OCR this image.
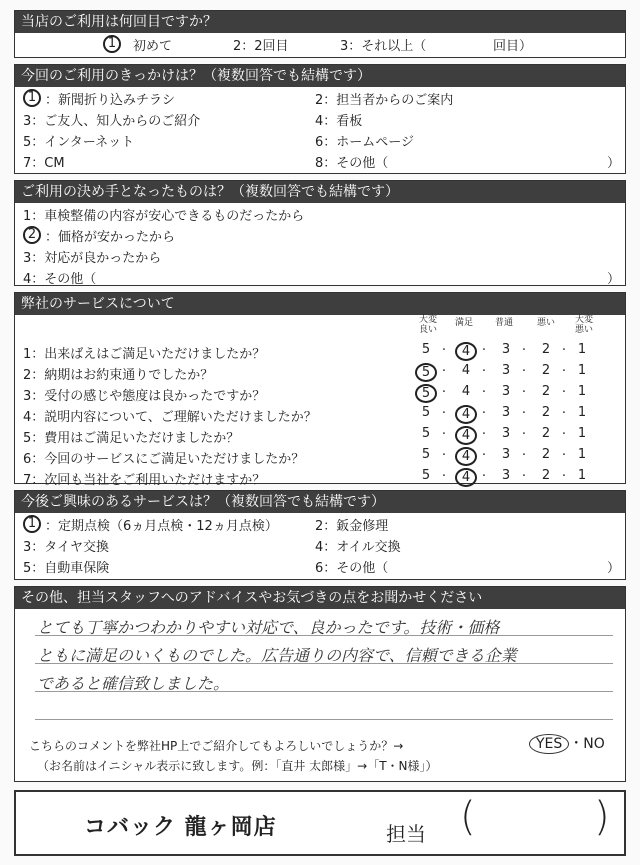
当店のご利用は何回目ですか？
1	初めて	2：2回目	3：それ以上（	回目）
今回のご利用のきっかけは？（複数回答でも結構です）
1 ：新聞折り込みチラシ	2：担当者からのご案内
3：ご友人、知人からのご紹介	4：看板
5：インターネット	6：ホームページ
7：CM	8：その他（	）
ご利用の決め手となったものは？（複数回答でも結構です）
1：車検整備の内容が安心できるものだったから
2 ：価格が安かったから
3：対応が良かったから
4：その他（	）
弊社のサービスについて
大変良い
満足 普通	悪い	大変悪い
1：出来ばえはご満足いただけましたか？	5 ·	4 ·	3 ·	2 · 1
2：納期はお約束通りでしたか？	5 ·	4 ·	3 ·	2 · 1
3：受付の感じや態度は良かったですか？	5 ·	4 ·	3 ·	2 · 1
4：説明内容について、ご理解いただけましたか？	5 ·	4 ·	3 ·	2 · 1
5：費用はご満足いただけましたか？	5 ·	4 ·	3 ·	2 · 1
6：今回のサービスにご満足いただけましたか？	5 ·	4 ·	3 ·	2 · 1
7：次回も当社をご利用いただけますか？	5 ·	4 ·	3 ·	2 · 1
今後ご興味のあるサービスは？（複数回答でも結構です）
1 ：定期点検（6ヵ月点検・12ヵ月点検）	2：鈑金修理
3：タイヤ交換	4：オイル交換
5：自動車保険	6：その他（	）
その他、担当スタッフへのアドバイスやお気づきの点をお聞かせください
とても丁寧かつわかりやすい対応で、良かったです。技術・価格
ともに満足のいくものでした。広告通りの内容で、信頼できる企業
であると確信致しました。
こちらのコメントを弊社HP上でご紹介してもよろしいでしょうか？→	YES ・NO
（お名前はイニシャル表示に致します。例：「直井 太郎様」→「T・N様」）
コバック 龍ヶ岡店	担当 (	)
